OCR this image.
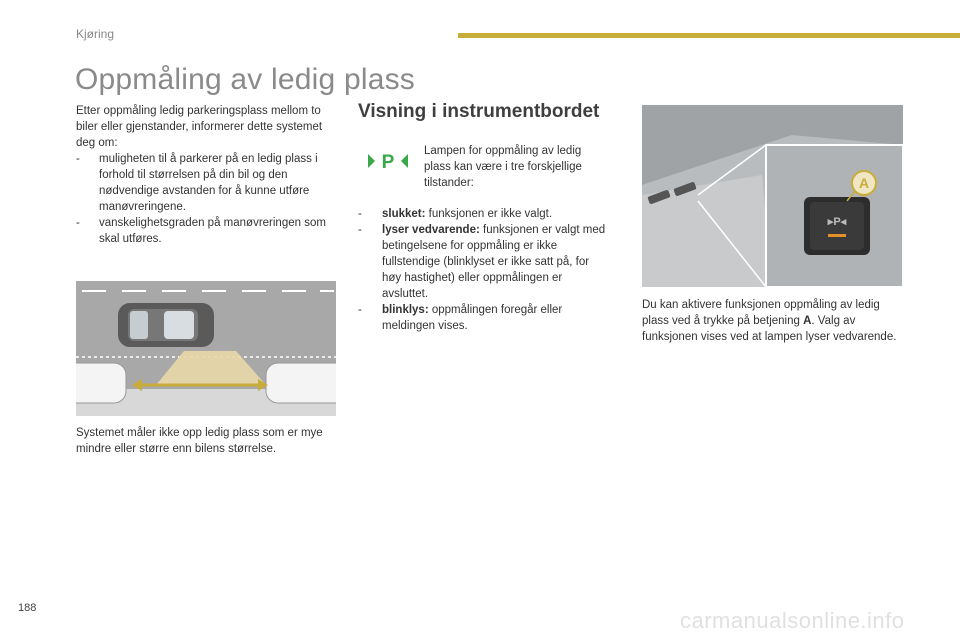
Kjøring
Oppmåling av ledig plass

Etter oppmåling ledig parkeringsplass mellom to biler eller gjenstander, informerer dette systemet deg om:

-	muligheten til å parkerer på en ledig plass i forhold til størrelsen på din bil og den nødvendige avstanden for å kunne utføre manøvreringene.
-	vanskelighetsgraden på manøvreringen som skal utføres.

Systemet måler ikke opp ledig plass som er mye mindre eller større enn bilens størrelse.

Visning i instrumentbordet
P

Lampen for oppmåling av ledig plass kan være i tre forskjellige tilstander:

-	slukket: funksjonen er ikke valgt.
-	lyser vedvarende: funksjonen er valgt med betingelsene for oppmåling er ikke fullstendige (blinklyset er ikke satt på, for høy hastighet) eller oppmålingen er avsluttet.
-	blinklys: oppmålingen foregår eller meldingen vises.
▸P◂
A

Du kan aktivere funksjonen oppmåling av ledig plass ved å trykke på betjening A. Valg av funksjonen vises ved at lampen lyser vedvarende.

188	carmanualsonline.info
